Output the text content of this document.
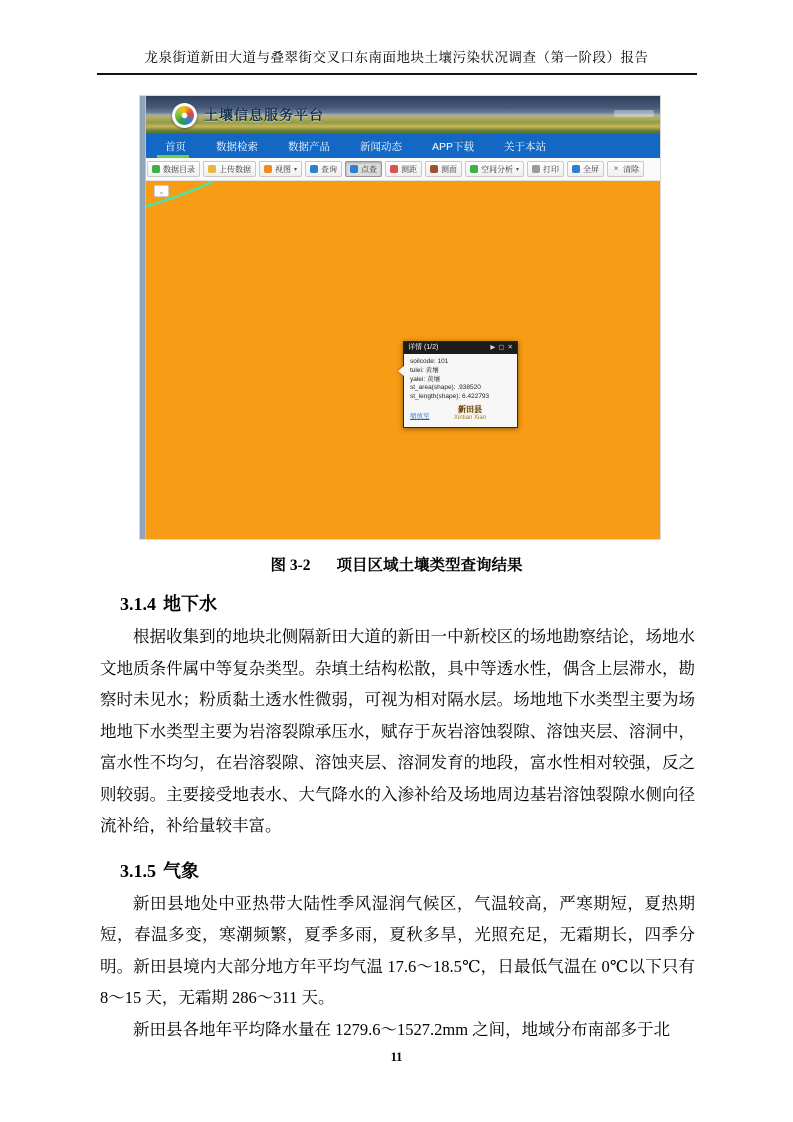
龙泉街道新田大道与叠翠街交叉口东南面地块土壤污染状况调查（第一阶段）报告
土壤信息服务平台
首页	数据检索	数据产品	新闻动态	APP下载	关于本站
数据目录	上传数据	视图 ▾	查询	点查	测距	测面	空间分析 ▾	打印	全屏 × 清除
⌄
详情 (1/2)	▶ ▢ ✕
soilcode : 101
tulei : 黄壤
yalei : 黄壤
st_area(shape) : .938520
st_length(shape) : 6.422793
缩放至
新田县
Xintian Xian
图 3-2 项目区域土壤类型查询结果
3.1.4 地下水

根据收集到的地块北侧隔新田大道的新田一中新校区的场地勘察结论，场地水文地质条件属中等复杂类型。杂填土结构松散，具中等透水性，偶含上层滞水，勘察时未见水；粉质黏土透水性微弱，可视为相对隔水层。场地地下水类型主要为场地地下水类型主要为岩溶裂隙承压水，赋存于灰岩溶蚀裂隙、溶蚀夹层、溶洞中，富水性不均匀，在岩溶裂隙、溶蚀夹层、溶洞发育的地段，富水性相对较强，反之则较弱。主要接受地表水、大气降水的入渗补给及场地周边基岩溶蚀裂隙水侧向径流补给，补给量较丰富。

3.1.5 气象

新田县地处中亚热带大陆性季风湿润气候区，气温较高，严寒期短，夏热期短，春温多变，寒潮频繁，夏季多雨，夏秋多旱，光照充足，无霜期长，四季分明。新田县境内大部分地方年平均气温 17.6～18.5℃，日最低气温在 0℃以下只有 8～15 天，无霜期 286～311 天。

新田县各地年平均降水量在 1279.6～1527.2mm 之间，地域分布南部多于北

11
